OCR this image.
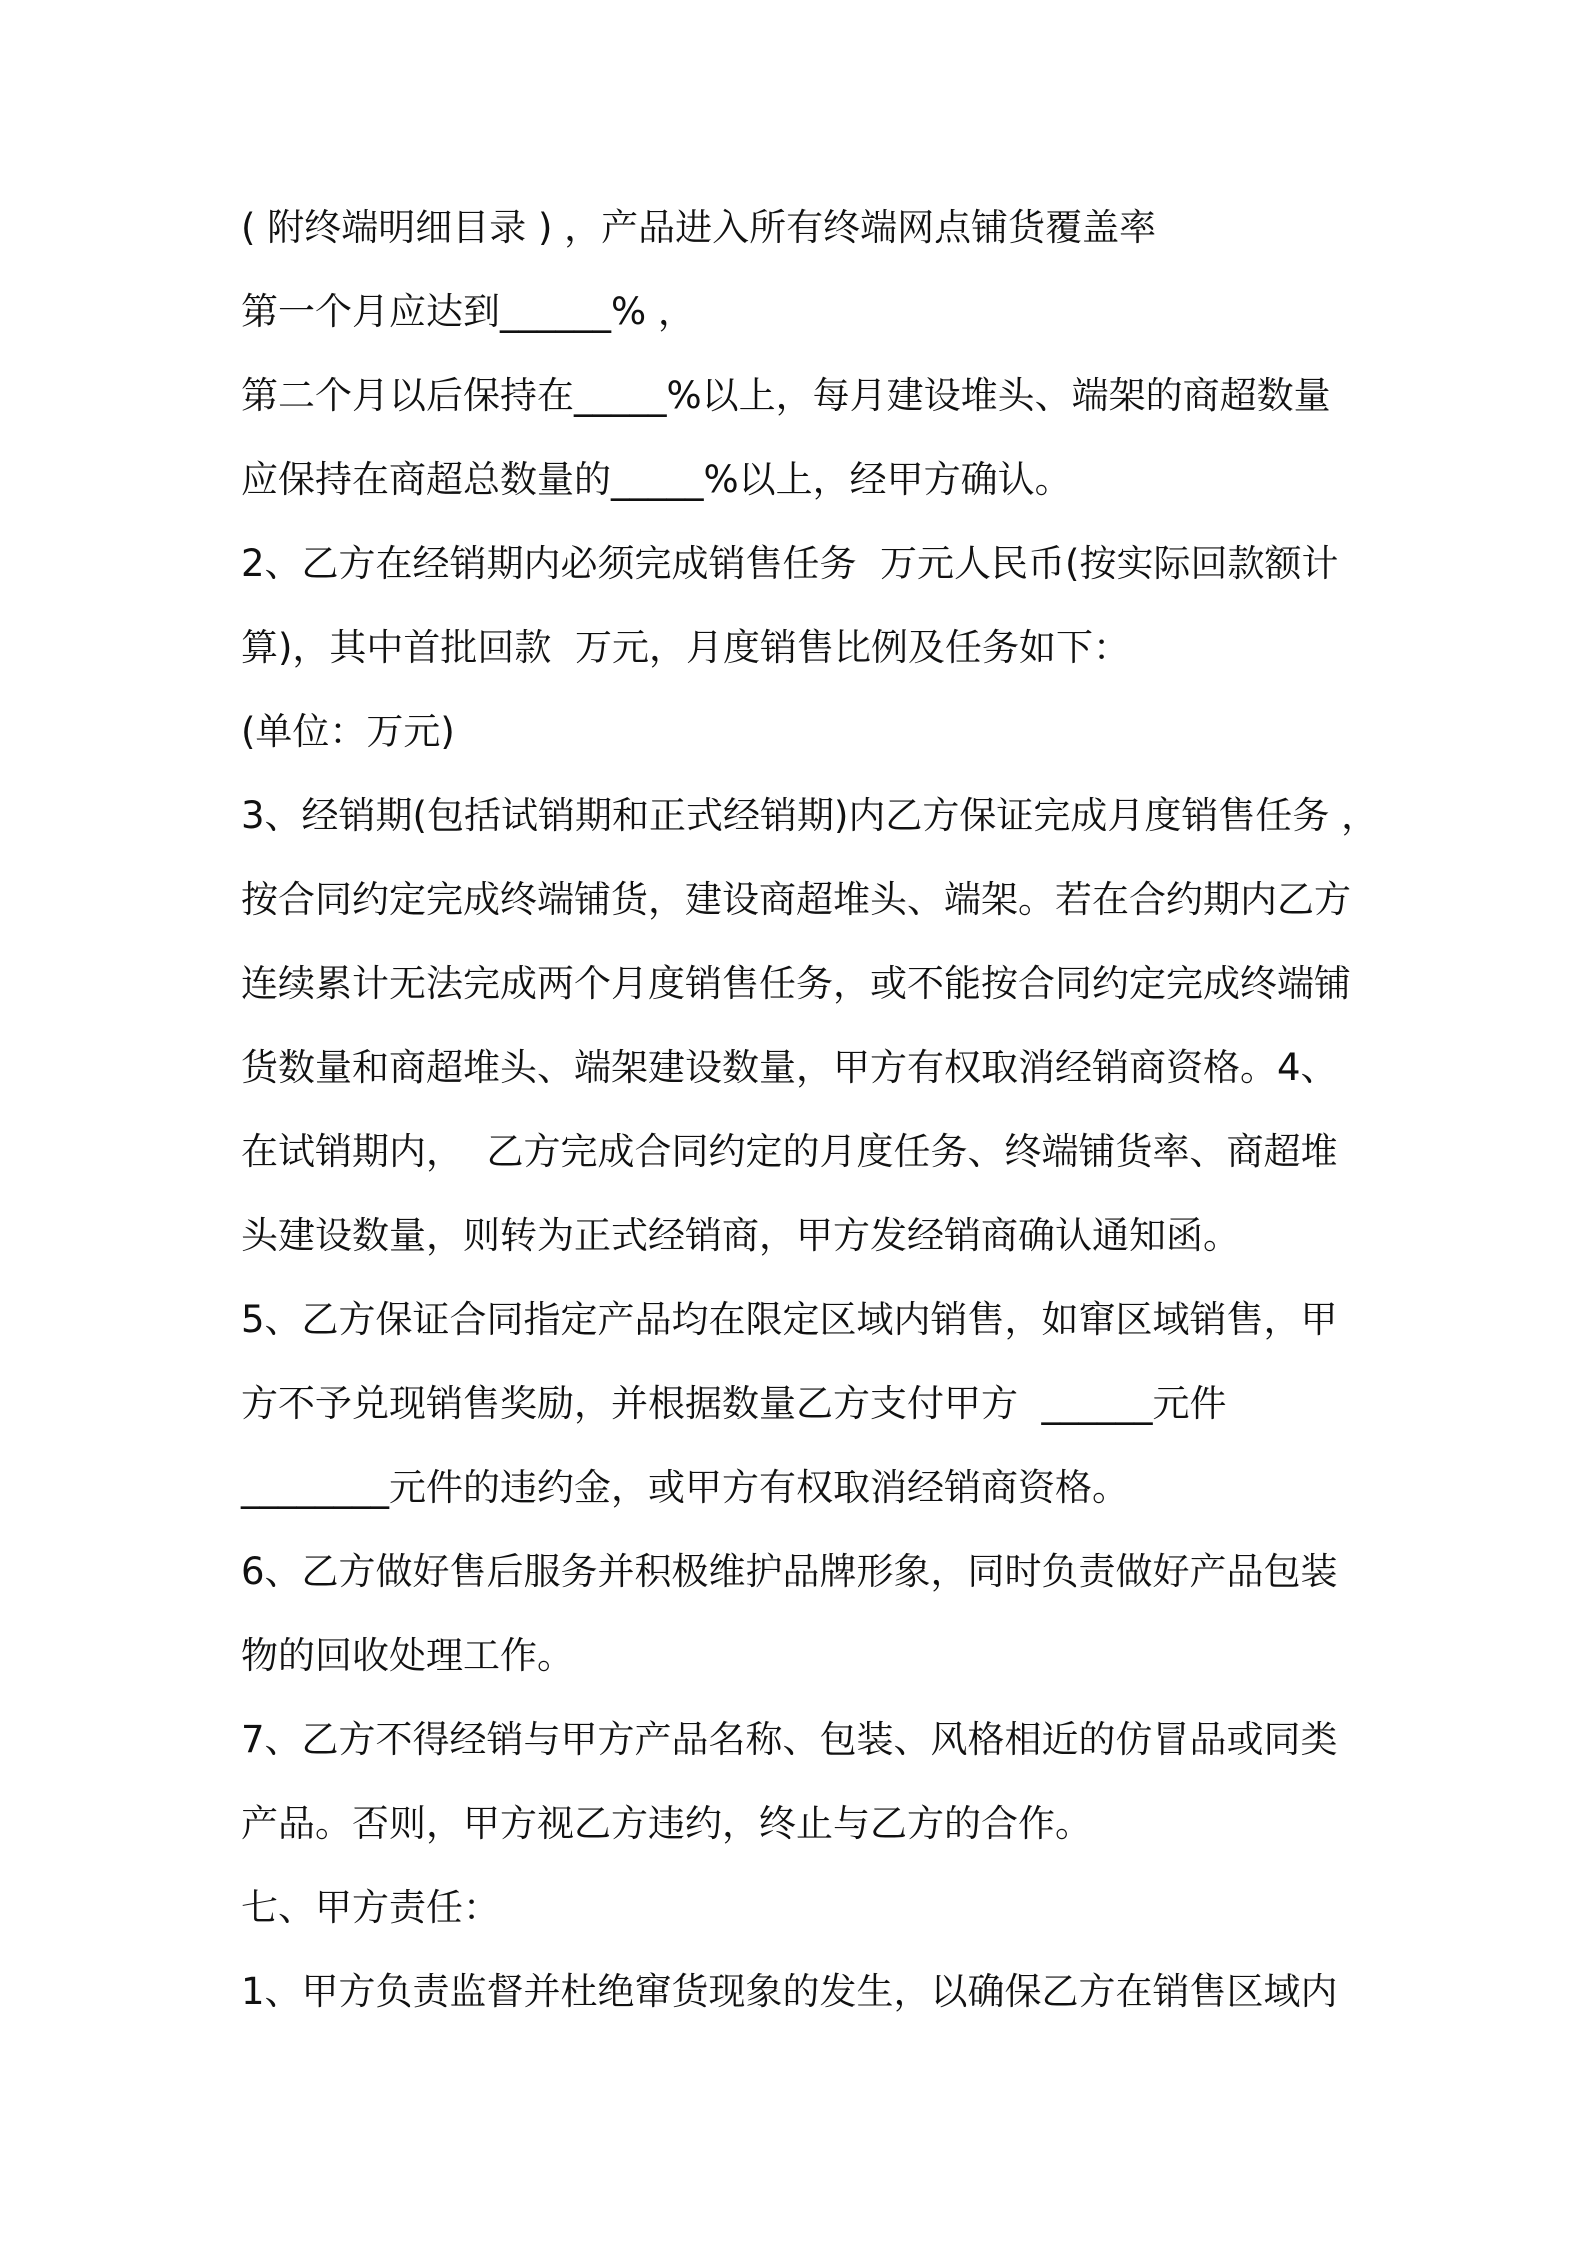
( 附终端明细目录 ) ，产品进入所有终端网点铺货覆盖率
第一个月应达到______% ，
第二个月以后保持在_____%以上，每月建设堆头、端架的商超数量
应保持在商超总数量的_____%以上，经甲方确认。
2、乙方在经销期内必须完成销售任务  万元人民币(按实际回款额计
算)，其中首批回款  万元，月度销售比例及任务如下：
(单位：万元)
3、经销期(包括试销期和正式经销期)内乙方保证完成月度销售任务 ，
按合同约定完成终端铺货，建设商超堆头、端架。若在合约期内乙方
连续累计无法完成两个月度销售任务，或不能按合同约定完成终端铺
货数量和商超堆头、端架建设数量，甲方有权取消经销商资格。4、
在试销期内，  乙方完成合同约定的月度任务、终端铺货率、商超堆
头建设数量，则转为正式经销商，甲方发经销商确认通知函。
5、乙方保证合同指定产品均在限定区域内销售，如窜区域销售，甲
方不予兑现销售奖励，并根据数量乙方支付甲方  ______元件
________元件的违约金，或甲方有权取消经销商资格。
6、乙方做好售后服务并积极维护品牌形象，同时负责做好产品包装
物的回收处理工作。
7、乙方不得经销与甲方产品名称、包装、风格相近的仿冒品或同类
产品。否则，甲方视乙方违约，终止与乙方的合作。
七、甲方责任：
1、甲方负责监督并杜绝窜货现象的发生，以确保乙方在销售区域内
